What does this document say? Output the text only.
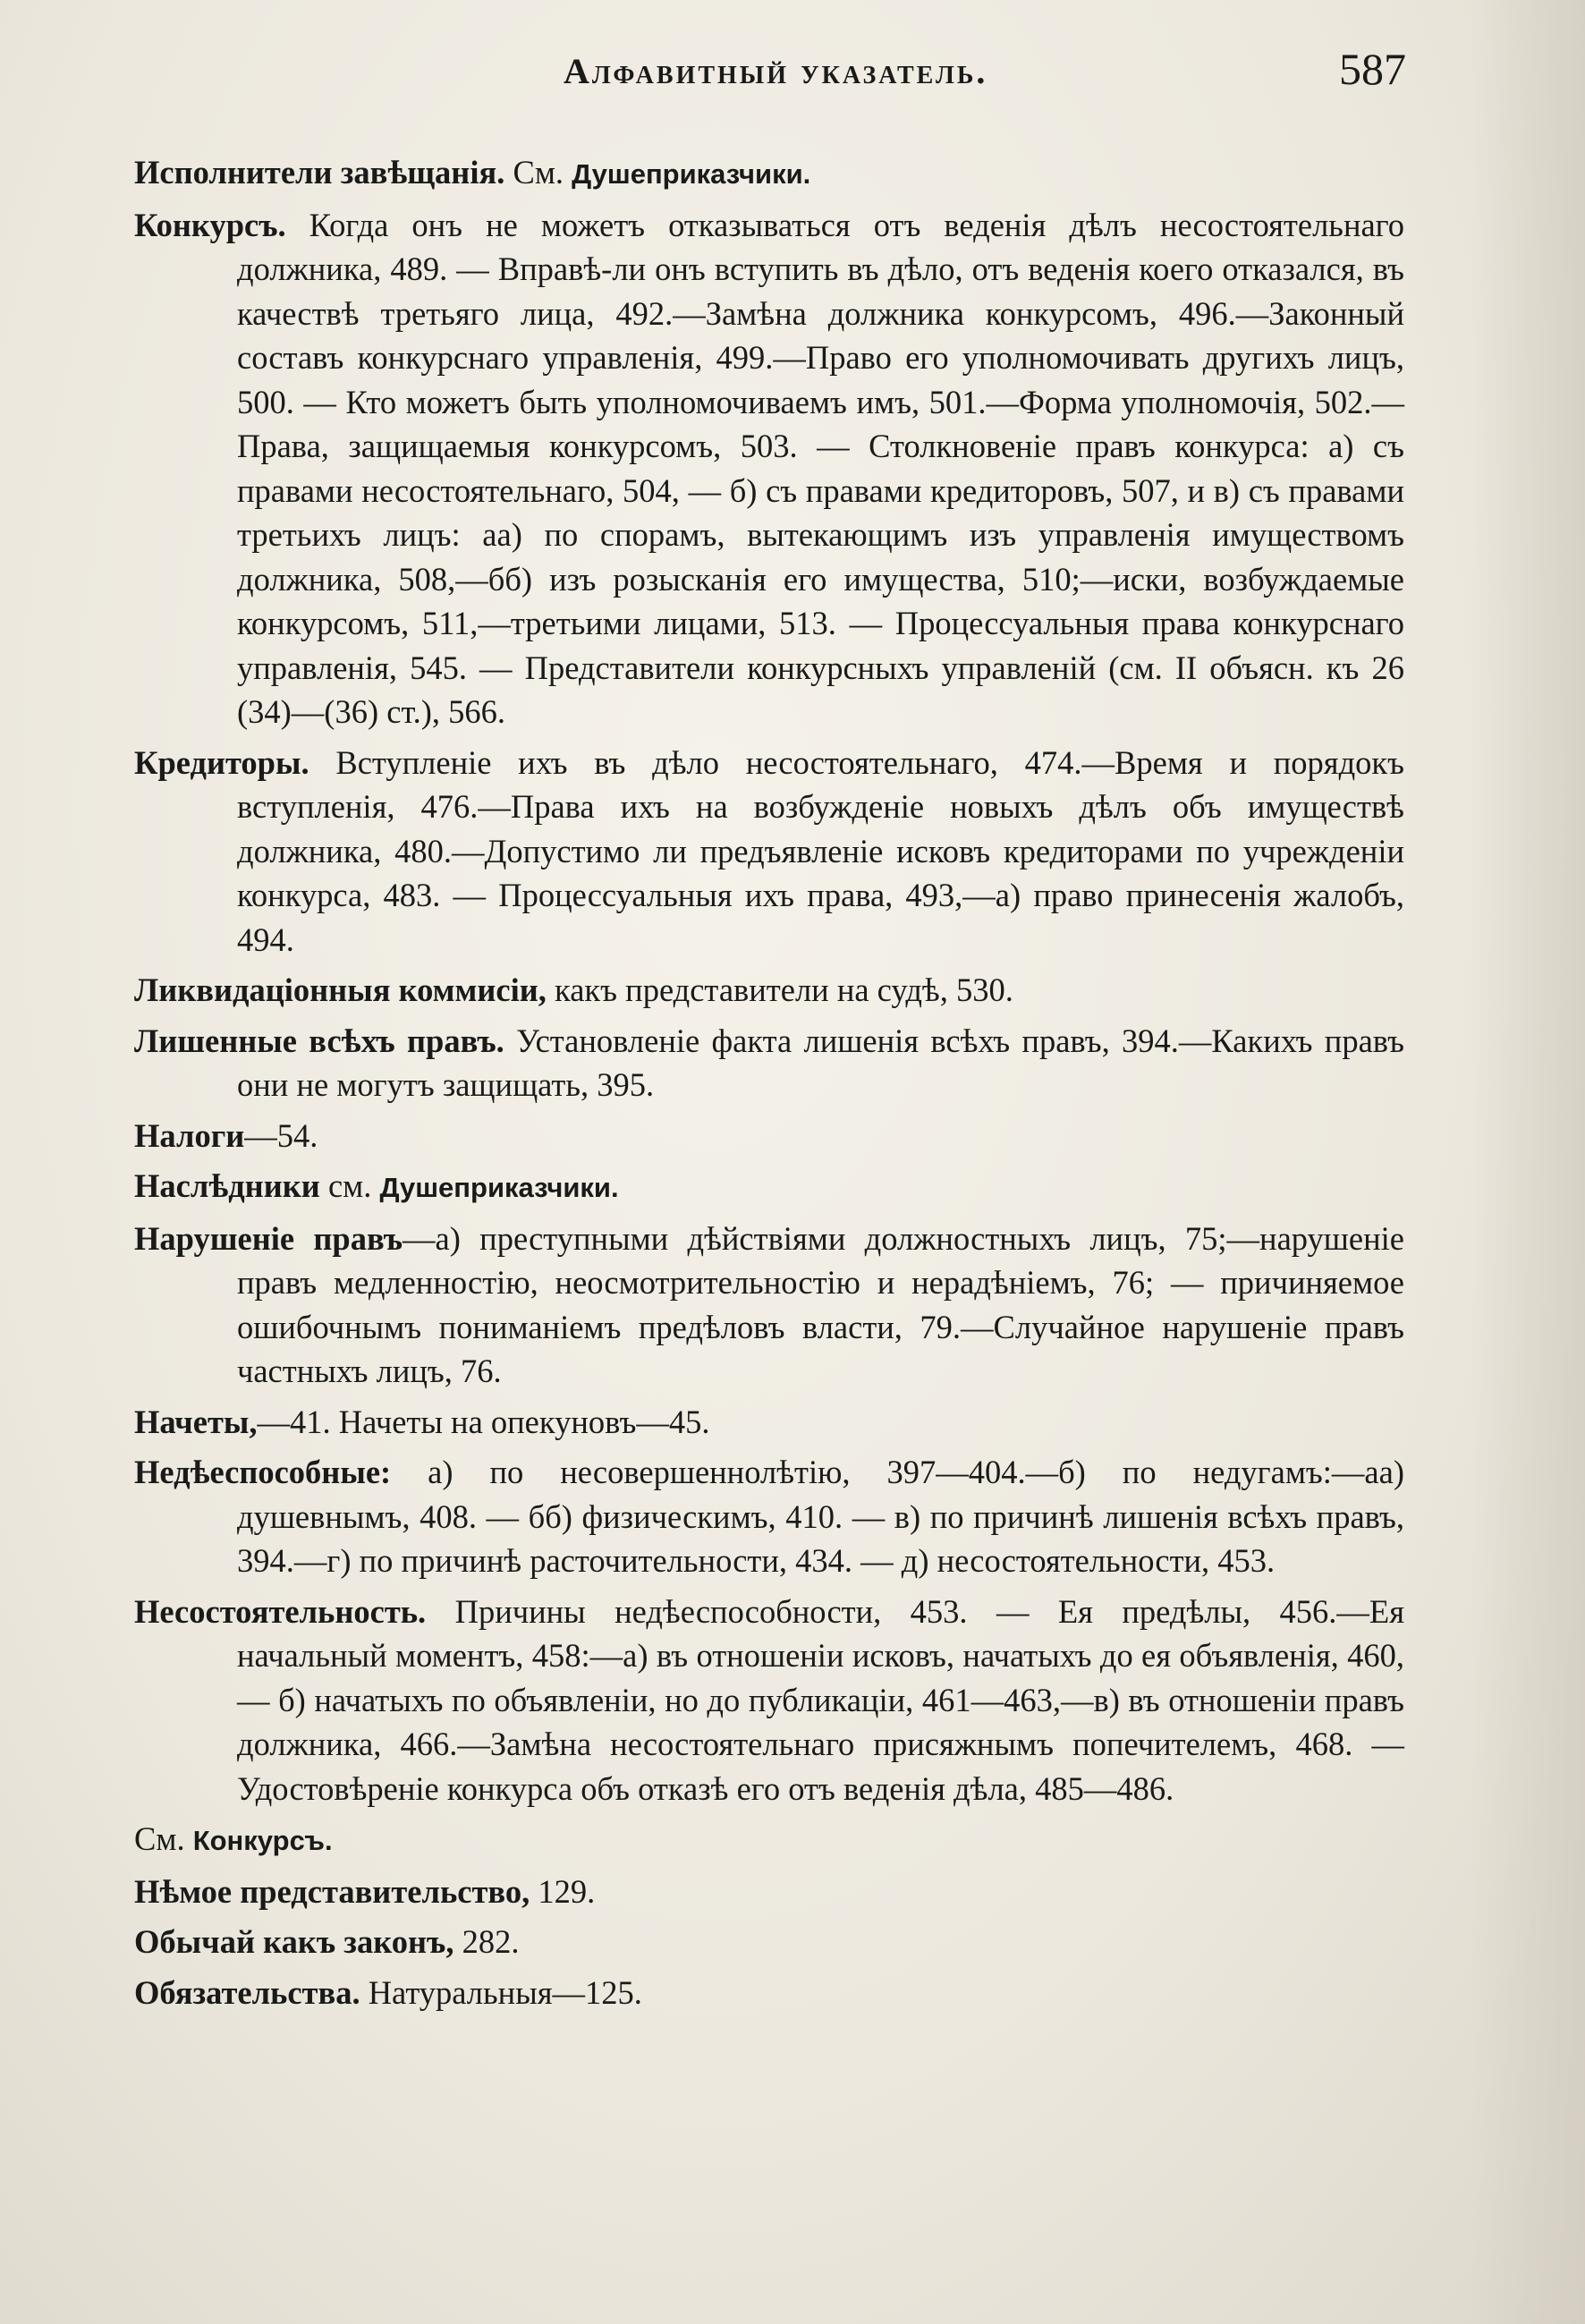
Алфавитный указатель.	587

Исполнители завѣщанія. См. Душеприказчики.

Конкурсъ. Когда онъ не можетъ отказываться отъ веденія дѣлъ несостоятельнаго должника, 489. — Вправѣ-ли онъ вступить въ дѣло, отъ веденія коего отказался, въ качествѣ третьяго лица, 492.—Замѣна должника конкурсомъ, 496.—Законный составъ конкурснаго управленія, 499.—Право его уполномочивать другихъ лицъ, 500. — Кто можетъ быть уполномочиваемъ имъ, 501.—Форма уполномочія, 502.—Права, защищаемыя конкурсомъ, 503. — Столкновеніе правъ конкурса: а) съ правами несостоятельнаго, 504, — б) съ правами кредиторовъ, 507, и в) съ правами третьихъ лицъ: аа) по спорамъ, вытекающимъ изъ управленія имуществомъ должника, 508,—бб) изъ розысканія его имущества, 510;—иски, возбуждаемые конкурсомъ, 511,—третьими лицами, 513. — Процессуальныя права конкурснаго управленія, 545. — Представители конкурсныхъ управленій (см. II объясн. къ 26 (34)—(36) ст.), 566.

Кредиторы. Вступленіе ихъ въ дѣло несостоятельнаго, 474.—Время и порядокъ вступленія, 476.—Права ихъ на возбужденіе новыхъ дѣлъ объ имуществѣ должника, 480.—Допустимо ли предъявленіе исковъ кредиторами по учрежденіи конкурса, 483. — Процессуальныя ихъ права, 493,—а) право принесенія жалобъ, 494.

Ликвидаціонныя коммисіи, какъ представители на судѣ, 530.

Лишенные всѣхъ правъ. Установленіе факта лишенія всѣхъ правъ, 394.—Какихъ правъ они не могутъ защищать, 395.

Налоги—54.

Наслѣдники см. Душеприказчики.

Нарушеніе правъ—а) преступными дѣйствіями должностныхъ лицъ, 75;—нарушеніе правъ медленностію, неосмотрительностію и нерадѣніемъ, 76; — причиняемое ошибочнымъ пониманіемъ предѣловъ власти, 79.—Случайное нарушеніе правъ частныхъ лицъ, 76.

Начеты,—41. Начеты на опекуновъ—45.

Недѣеспособные: а) по несовершеннолѣтію, 397—404.—б) по недугамъ:—аа) душевнымъ, 408. — бб) физическимъ, 410. — в) по причинѣ лишенія всѣхъ правъ, 394.—г) по причинѣ расточительности, 434. — д) несостоятельности, 453.

Несостоятельность. Причины недѣеспособности, 453. — Ея предѣлы, 456.—Ея начальный моментъ, 458:—а) въ отношеніи исковъ, начатыхъ до ея объявленія, 460, — б) начатыхъ по объявленіи, но до публикаціи, 461—463,—в) въ отношеніи правъ должника, 466.—Замѣна несостоятельнаго присяжнымъ попечителемъ, 468. — Удостовѣреніе конкурса объ отказѣ его отъ веденія дѣла, 485—486.

См. Конкурсъ.

Нѣмое представительство, 129.

Обычай какъ законъ, 282.

Обязательства. Натуральныя—125.
